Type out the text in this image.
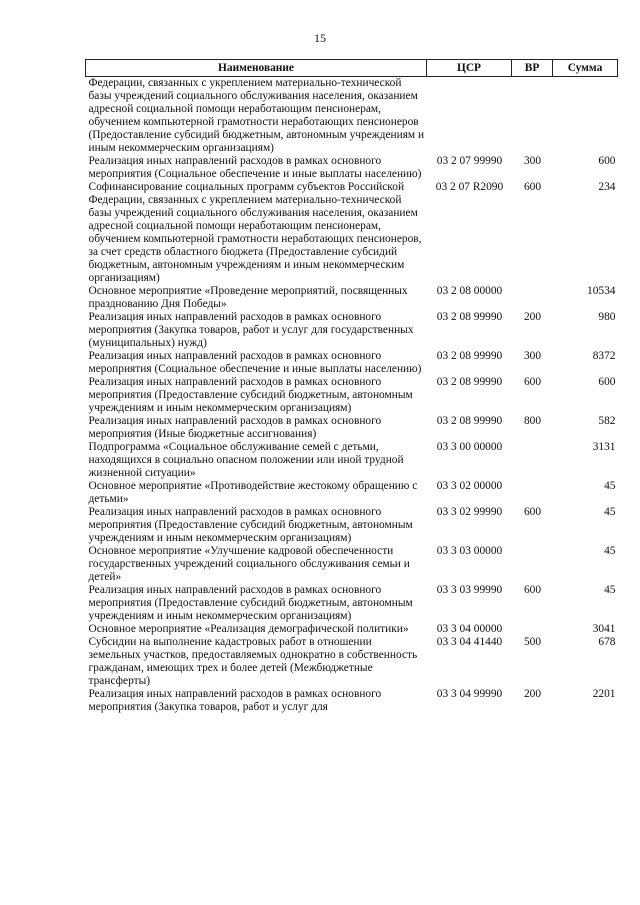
15
Наименование	ЦСР	ВР	Сумма
Федерации, связанных с укреплением материально-технической базы учреждений социального обслуживания населения, оказанием адресной социальной помощи неработающим пенсионерам, обучением компьютерной грамотности неработающих пенсионеров (Предоставление субсидий бюджетным, автономным учреждениям и иным некоммерческим организациям)			
Реализация иных направлений расходов в рамках основного мероприятия (Социальное обеспечение и иные выплаты населению)	03 2 07 99990	300	600
Софинансирование социальных программ субъектов Российской Федерации, связанных с укреплением материально-технической базы учреждений социального обслуживания населения, оказанием адресной социальной помощи неработающим пенсионерам, обучением компьютерной грамотности неработающих пенсионеров, за счет средств областного бюджета (Предоставление субсидий бюджетным, автономным учреждениям и иным некоммерческим организациям)	03 2 07 R2090	600	234
Основное мероприятие «Проведение мероприятий, посвященных празднованию Дня Победы»	03 2 08 00000		10534
Реализация иных направлений расходов в рамках основного мероприятия (Закупка товаров, работ и услуг для государственных (муниципальных) нужд)	03 2 08 99990	200	980
Реализация иных направлений расходов в рамках основного мероприятия (Социальное обеспечение и иные выплаты населению)	03 2 08 99990	300	8372
Реализация иных направлений расходов в рамках основного мероприятия (Предоставление субсидий бюджетным, автономным учреждениям и иным некоммерческим организациям)	03 2 08 99990	600	600
Реализация иных направлений расходов в рамках основного мероприятия (Иные бюджетные ассигнования)	03 2 08 99990	800	582
Подпрограмма «Социальное обслуживание семей с детьми, находящихся в социально опасном положении или иной трудной жизненной ситуации»	03 3 00 00000		3131
Основное мероприятие «Противодействие жестокому обращению с детьми»	03 3 02 00000		45
Реализация иных направлений расходов в рамках основного мероприятия (Предоставление субсидий бюджетным, автономным учреждениям и иным некоммерческим организациям)	03 3 02 99990	600	45
Основное мероприятие «Улучшение кадровой обеспеченности государственных учреждений социального обслуживания семьи и детей»	03 3 03 00000		45
Реализация иных направлений расходов в рамках основного мероприятия (Предоставление субсидий бюджетным, автономным учреждениям и иным некоммерческим организациям)	03 3 03 99990	600	45
Основное мероприятие «Реализация демографической политики»	03 3 04 00000		3041
Субсидии на выполнение кадастровых работ в отношении земельных участков, предоставляемых однократно в собственность гражданам, имеющих трех и более детей (Межбюджетные трансферты)	03 3 04 41440	500	678
Реализация иных направлений расходов в рамках основного мероприятия (Закупка товаров, работ и услуг для	03 3 04 99990	200	2201
